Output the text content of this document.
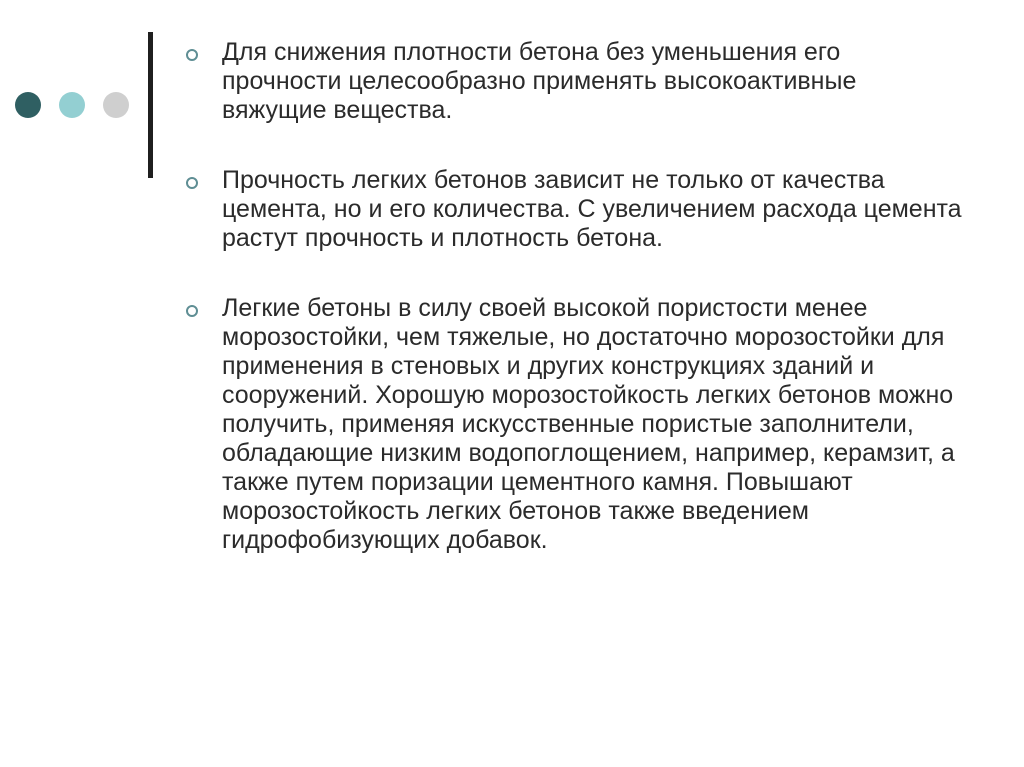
Для снижения плотности бетона без уменьшения его прочности целесообразно применять высокоактивные вяжущие вещества.
Прочность легких бетонов зависит не только от качества цемента, но и его количества. С увеличением расхода цемента растут прочность и плотность бетона.
Легкие бетоны в силу своей высокой пористости менее морозостойки, чем тяжелые, но достаточно морозостойки для применения в стеновых и других конструкциях зданий и сооружений. Хорошую морозостойкость легких бетонов можно получить, применяя искусственные пористые заполнители, обладающие низким водопоглощением, например, керамзит, а также путем поризации цементного камня. Повышают морозостойкость легких бетонов также введением гидрофобизующих добавок.
